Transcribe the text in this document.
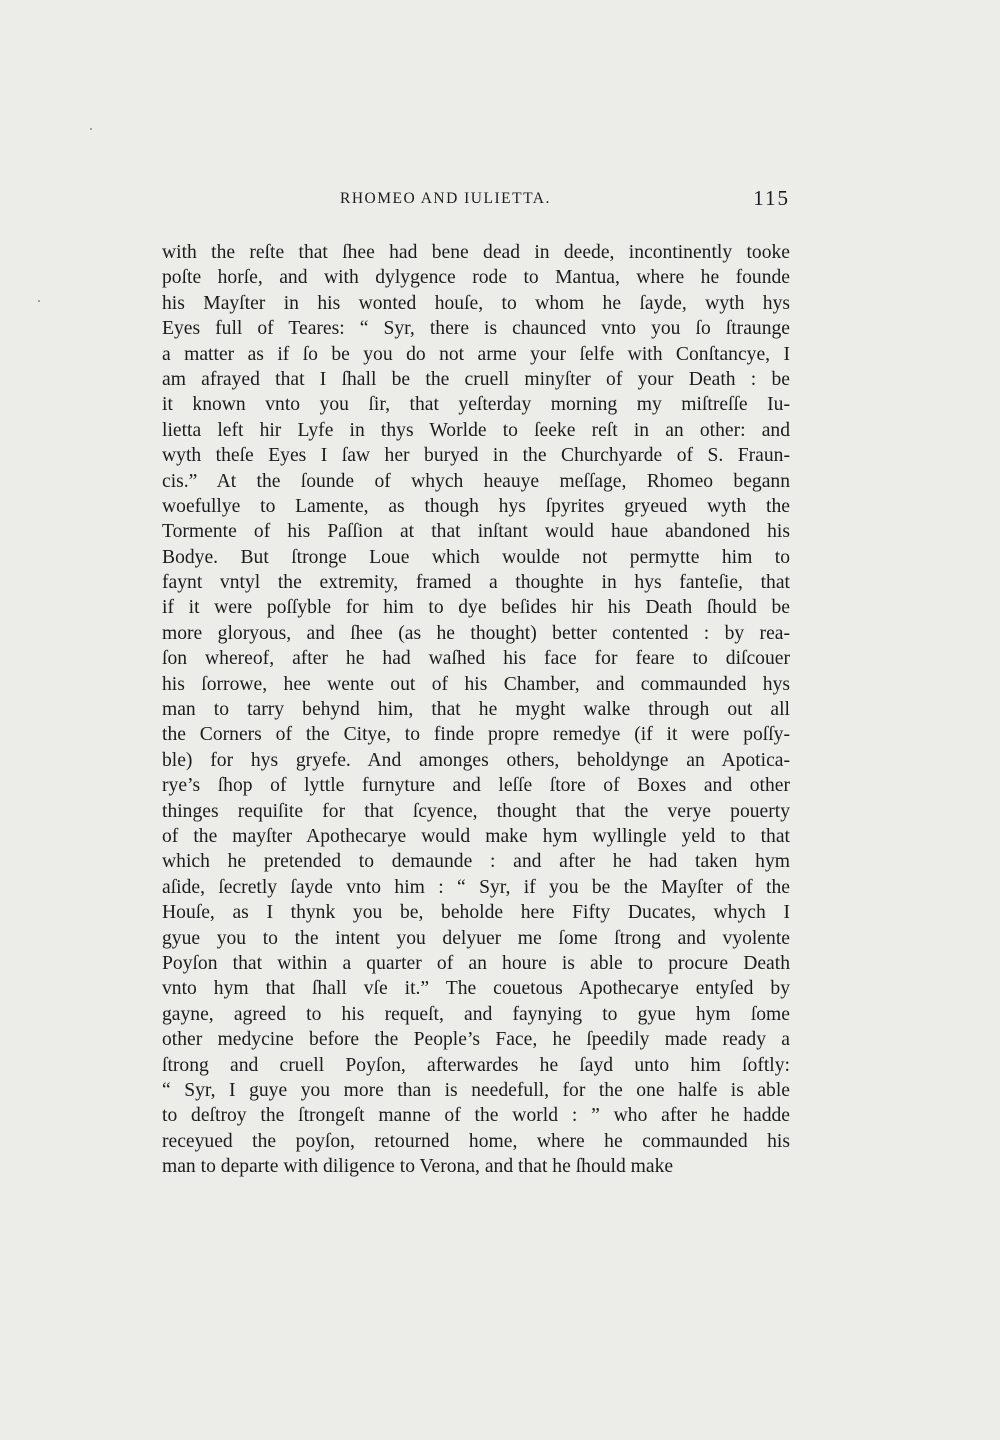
RHOMEO AND IULIETTA.	115
with the reſte that ſhee had bene dead in deede, incontinently tooke
poſte horſe, and with dylygence rode to Mantua, where he founde
his Mayſter in his wonted houſe, to whom he ſayde, wyth hys
Eyes full of Teares: “ Syr, there is chaunced vnto you ſo ſtraunge
a matter as if ſo be you do not arme your ſelfe with Conſtancye, I
am afrayed that I ſhall be the cruell minyſter of your Death : be
it known vnto you ſir, that yeſterday morning my miſtreſſe Iu-
lietta left hir Lyfe in thys Worlde to ſeeke reſt in an other: and
wyth theſe Eyes I ſaw her buryed in the Churchyarde of S. Fraun-
cis.” At the ſounde of whych heauye meſſage, Rhomeo begann
woefullye to Lamente, as though hys ſpyrites gryeued wyth the
Tormente of his Paſſion at that inſtant would haue abandoned his
Bodye. But ſtronge Loue which woulde not permytte him to
faynt vntyl the extremity, framed a thoughte in hys fanteſie, that
if it were poſſyble for him to dye beſides hir his Death ſhould be
more gloryous, and ſhee (as he thought) better contented : by rea-
ſon whereof, after he had waſhed his face for feare to diſcouer
his ſorrowe, hee wente out of his Chamber, and commaunded hys
man to tarry behynd him, that he myght walke through out all
the Corners of the Citye, to finde propre remedye (if it were poſſy-
ble) for hys gryefe. And amonges others, beholdynge an Apotica-
rye’s ſhop of lyttle furnyture and leſſe ſtore of Boxes and other
thinges requiſite for that ſcyence, thought that the verye pouerty
of the mayſter Apothecarye would make hym wyllingle yeld to that
which he pretended to demaunde : and after he had taken hym
aſide, ſecretly ſayde vnto him : “ Syr, if you be the Mayſter of the
Houſe, as I thynk you be, beholde here Fifty Ducates, whych I
gyue you to the intent you delyuer me ſome ſtrong and vyolente
Poyſon that within a quarter of an houre is able to procure Death
vnto hym that ſhall vſe it.” The couetous Apothecarye entyſed by
gayne, agreed to his requeſt, and faynying to gyue hym ſome
other medycine before the People’s Face, he ſpeedily made ready a
ſtrong and cruell Poyſon, afterwardes he ſayd unto him ſoftly:
“ Syr, I guye you more than is needefull, for the one halfe is able
to deſtroy the ſtrongeſt manne of the world : ” who after he hadde
receyued the poyſon, retourned home, where he commaunded his
man to departe with diligence to Verona, and that he ſhould make
